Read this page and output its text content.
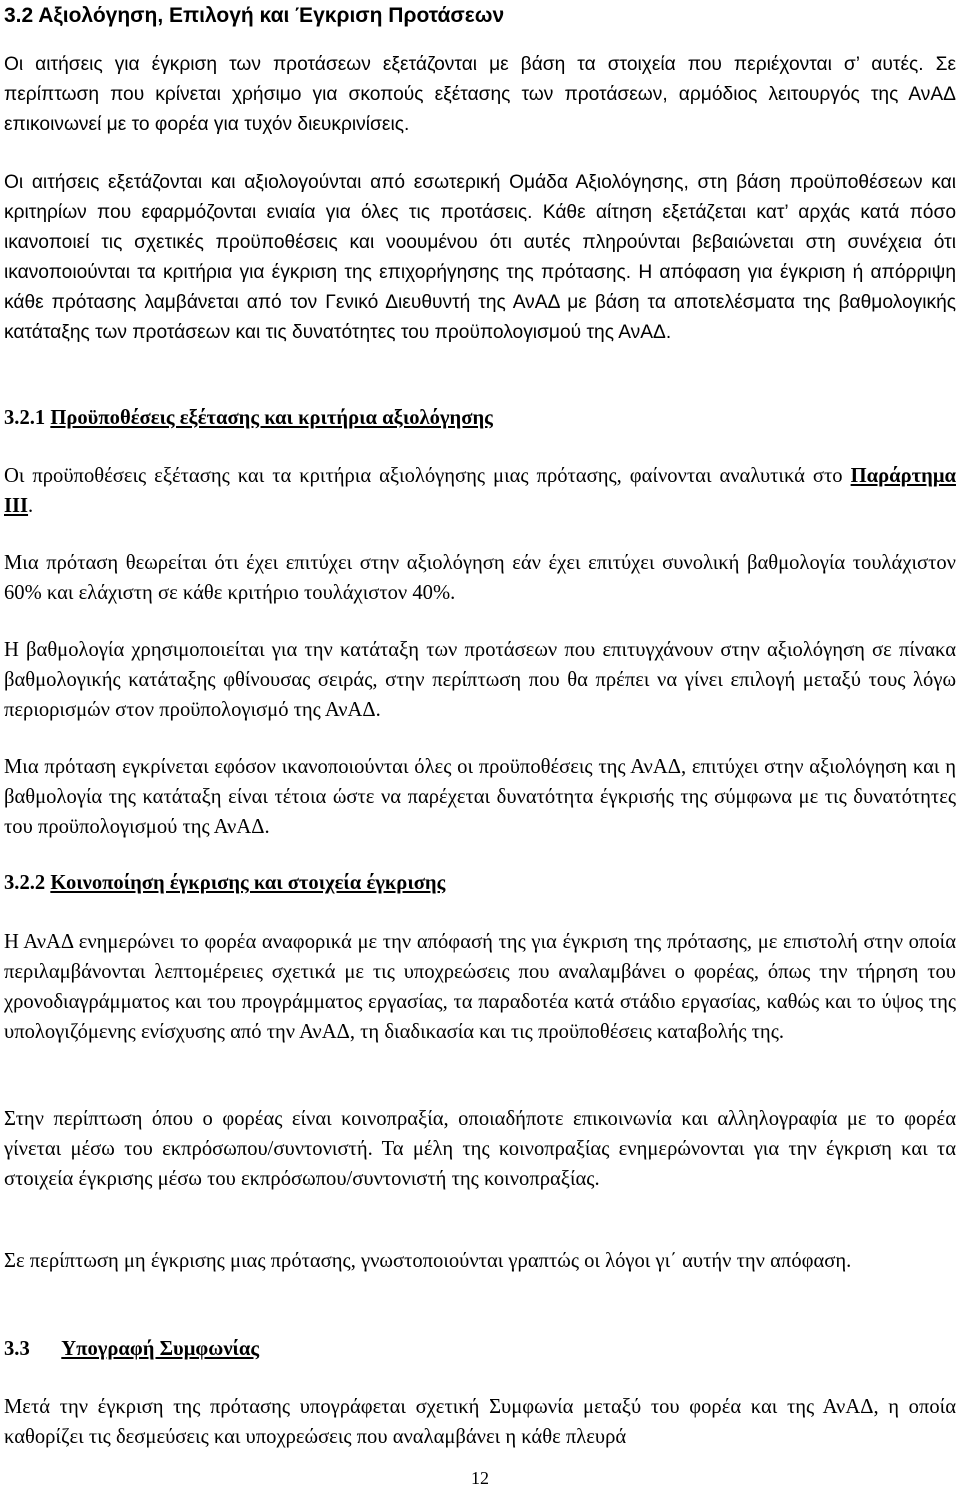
3.2 Αξιολόγηση, Επιλογή και Έγκριση Προτάσεων

Οι αιτήσεις για έγκριση των προτάσεων εξετάζονται με βάση τα στοιχεία που περιέχονται σ’ αυτές. Σε περίπτωση που κρίνεται χρήσιμο για σκοπούς εξέτασης των προτάσεων, αρμόδιος λειτουργός της ΑνΑΔ επικοινωνεί με το φορέα για τυχόν διευκρινίσεις.

Οι αιτήσεις εξετάζονται και αξιολογούνται από εσωτερική Ομάδα Αξιολόγησης, στη βάση προϋποθέσεων και κριτηρίων που εφαρμόζονται ενιαία για όλες τις προτάσεις. Κάθε αίτηση εξετάζεται κατ’ αρχάς κατά πόσο ικανοποιεί τις σχετικές προϋποθέσεις και νοουμένου ότι αυτές πληρούνται βεβαιώνεται στη συνέχεια ότι ικανοποιούνται τα κριτήρια για έγκριση της επιχορήγησης της πρότασης. Η απόφαση για έγκριση ή απόρριψη κάθε πρότασης λαμβάνεται από τον Γενικό Διευθυντή της ΑνΑΔ με βάση τα αποτελέσματα της βαθμολογικής κατάταξης των προτάσεων και τις δυνατότητες του προϋπολογισμού της ΑνΑΔ.

3.2.1 Προϋποθέσεις εξέτασης και κριτήρια αξιολόγησης

Οι προϋποθέσεις εξέτασης και τα κριτήρια αξιολόγησης μιας πρότασης, φαίνονται αναλυτικά στο Παράρτημα ΙΙΙ.

Μια πρόταση θεωρείται ότι έχει επιτύχει στην αξιολόγηση εάν έχει επιτύχει συνολική βαθμολογία τουλάχιστον 60% και ελάχιστη σε κάθε κριτήριο τουλάχιστον 40%.

Η βαθμολογία χρησιμοποιείται για την κατάταξη των προτάσεων που επιτυγχάνουν στην αξιολόγηση σε πίνακα βαθμολογικής κατάταξης φθίνουσας σειράς, στην περίπτωση που θα πρέπει να γίνει επιλογή μεταξύ τους λόγω περιορισμών στον προϋπολογισμό της ΑνΑΔ.

Μια πρόταση εγκρίνεται εφόσον ικανοποιούνται όλες οι προϋποθέσεις της ΑνΑΔ, επιτύχει στην αξιολόγηση και η βαθμολογία της κατάταξη είναι τέτοια ώστε να παρέχεται δυνατότητα έγκρισής της σύμφωνα με τις δυνατότητες του προϋπολογισμού της ΑνΑΔ.

3.2.2 Κοινοποίηση έγκρισης και στοιχεία έγκρισης

Η ΑνΑΔ ενημερώνει το φορέα αναφορικά με την απόφασή της για έγκριση της πρότασης, με επιστολή στην οποία περιλαμβάνονται λεπτομέρειες σχετικά με τις υποχρεώσεις που αναλαμβάνει ο φορέας, όπως την τήρηση του χρονοδιαγράμματος και του προγράμματος εργασίας, τα παραδοτέα κατά στάδιο εργασίας, καθώς και το ύψος της υπολογιζόμενης ενίσχυσης από την ΑνΑΔ, τη διαδικασία και τις προϋποθέσεις καταβολής της.

Στην περίπτωση όπου ο φορέας είναι κοινοπραξία, οποιαδήποτε επικοινωνία και αλληλογραφία με το φορέα γίνεται μέσω του εκπρόσωπου/συντονιστή. Τα μέλη της κοινοπραξίας ενημερώνονται για την έγκριση και τα στοιχεία έγκρισης μέσω του εκπρόσωπου/συντονιστή της κοινοπραξίας.

Σε περίπτωση μη έγκρισης μιας πρότασης, γνωστοποιούνται γραπτώς οι λόγοι γι΄ αυτήν την απόφαση.

3.3 Υπογραφή Συμφωνίας

Μετά την έγκριση της πρότασης υπογράφεται σχετική Συμφωνία μεταξύ του φορέα και της ΑνΑΔ, η οποία καθορίζει τις δεσμεύσεις και υποχρεώσεις που αναλαμβάνει η κάθε πλευρά

12
